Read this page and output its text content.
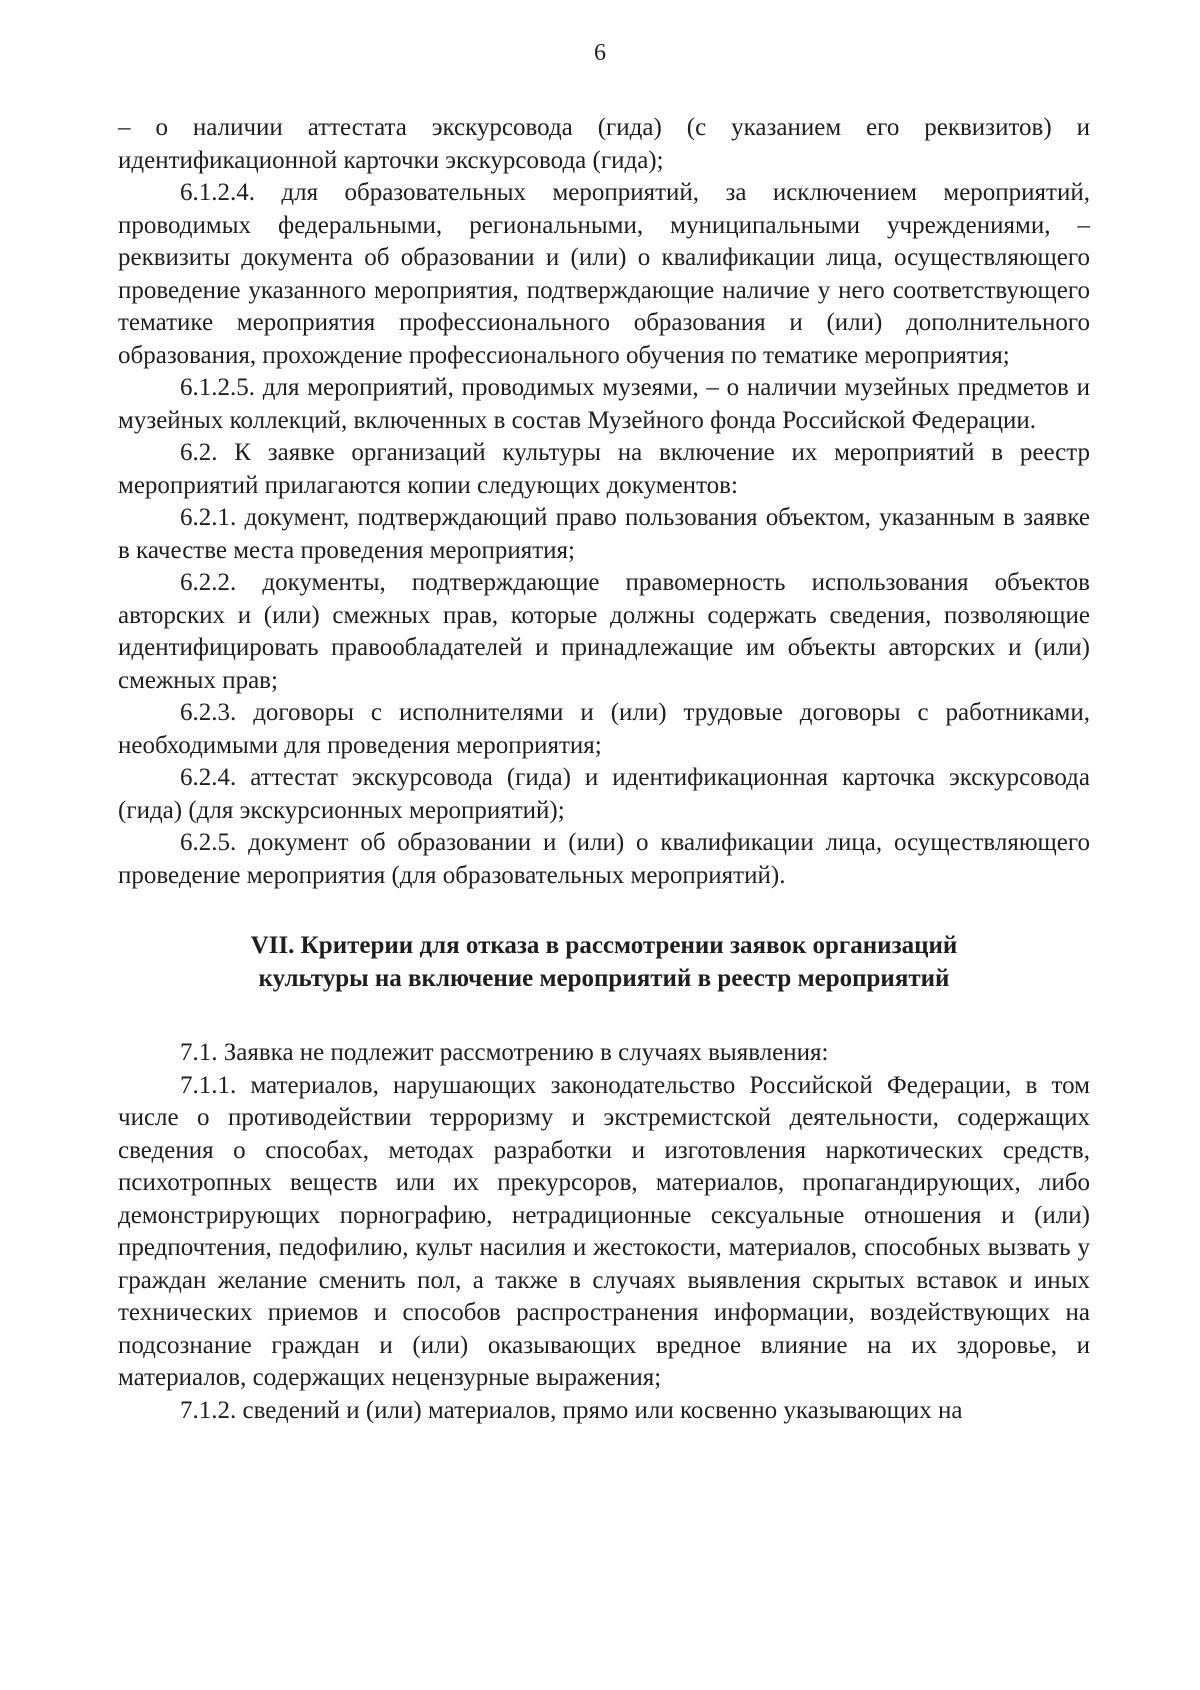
6

– о наличии аттестата экскурсовода (гида) (с указанием его реквизитов) и идентификационной карточки экскурсовода (гида);

6.1.2.4. для образовательных мероприятий, за исключением мероприятий, проводимых федеральными, региональными, муниципальными учреждениями, – реквизиты документа об образовании и (или) о квалификации лица, осуществляющего проведение указанного мероприятия, подтверждающие наличие у него соответствующего тематике мероприятия профессионального образования и (или) дополнительного образования, прохождение профессионального обучения по тематике мероприятия;

6.1.2.5. для мероприятий, проводимых музеями, – о наличии музейных предметов и музейных коллекций, включенных в состав Музейного фонда Российской Федерации.

6.2. К заявке организаций культуры на включение их мероприятий в реестр мероприятий прилагаются копии следующих документов:

6.2.1. документ, подтверждающий право пользования объектом, указанным в заявке в качестве места проведения мероприятия;

6.2.2. документы, подтверждающие правомерность использования объектов авторских и (или) смежных прав, которые должны содержать сведения, позволяющие идентифицировать правообладателей и принадлежащие им объекты авторских и (или) смежных прав;

6.2.3. договоры с исполнителями и (или) трудовые договоры с работниками, необходимыми для проведения мероприятия;

6.2.4. аттестат экскурсовода (гида) и идентификационная карточка экскурсовода (гида) (для экскурсионных мероприятий);

6.2.5. документ об образовании и (или) о квалификации лица, осуществляющего проведение мероприятия (для образовательных мероприятий).

VII. Критерии для отказа в рассмотрении заявок организаций
культуры на включение мероприятий в реестр мероприятий

7.1. Заявка не подлежит рассмотрению в случаях выявления:

7.1.1. материалов, нарушающих законодательство Российской Федерации, в том числе о противодействии терроризму и экстремистской деятельности, содержащих сведения о способах, методах разработки и изготовления наркотических средств, психотропных веществ или их прекурсоров, материалов, пропагандирующих, либо демонстрирующих порнографию, нетрадиционные сексуальные отношения и (или) предпочтения, педофилию, культ насилия и жестокости, материалов, способных вызвать у граждан желание сменить пол, а также в случаях выявления скрытых вставок и иных технических приемов и способов распространения информации, воздействующих на подсознание граждан и (или) оказывающих вредное влияние на их здоровье, и материалов, содержащих нецензурные выражения;

7.1.2. сведений и (или) материалов, прямо или косвенно указывающих на
